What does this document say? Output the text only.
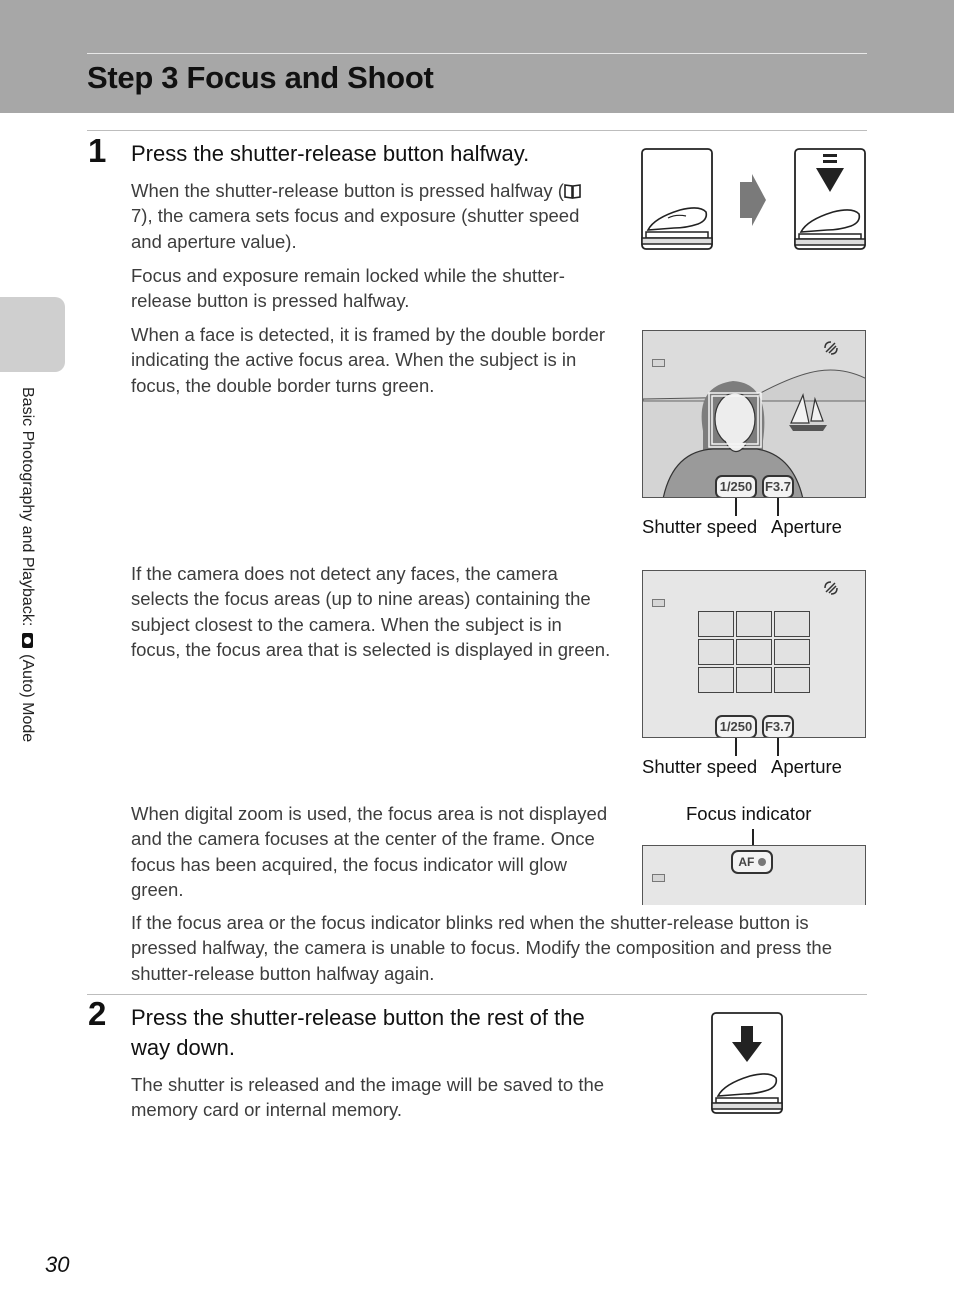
Step 3 Focus and Shoot
Basic Photography and Playback:  (Auto) Mode
1 Press the shutter-release button halfway.

When the shutter-release button is pressed halfway ( 7), the camera sets focus and exposure (shutter speed and aperture value).

Focus and exposure remain locked while the shutter-release button is pressed halfway.

When a face is detected, it is framed by the double border indicating the active focus area. When the subject is in focus, the double border turns green.

If the camera does not detect any faces, the camera selects the focus areas (up to nine areas) containing the subject closest to the camera. When the subject is in focus, the focus area that is selected is displayed in green.

When digital zoom is used, the focus area is not displayed and the camera focuses at the center of the frame. Once focus has been acquired, the focus indicator will glow green.

If the focus area or the focus indicator blinks red when the shutter-release button is pressed halfway, the camera is unable to focus. Modify the composition and press the shutter-release button halfway again.

1/250 F3.7
Shutter speed Aperture
1/250 F3.7
Shutter speed Aperture
Focus indicator
AF
2 Press the shutter-release button the rest of the way down.

The shutter is released and the image will be saved to the memory card or internal memory.

30
